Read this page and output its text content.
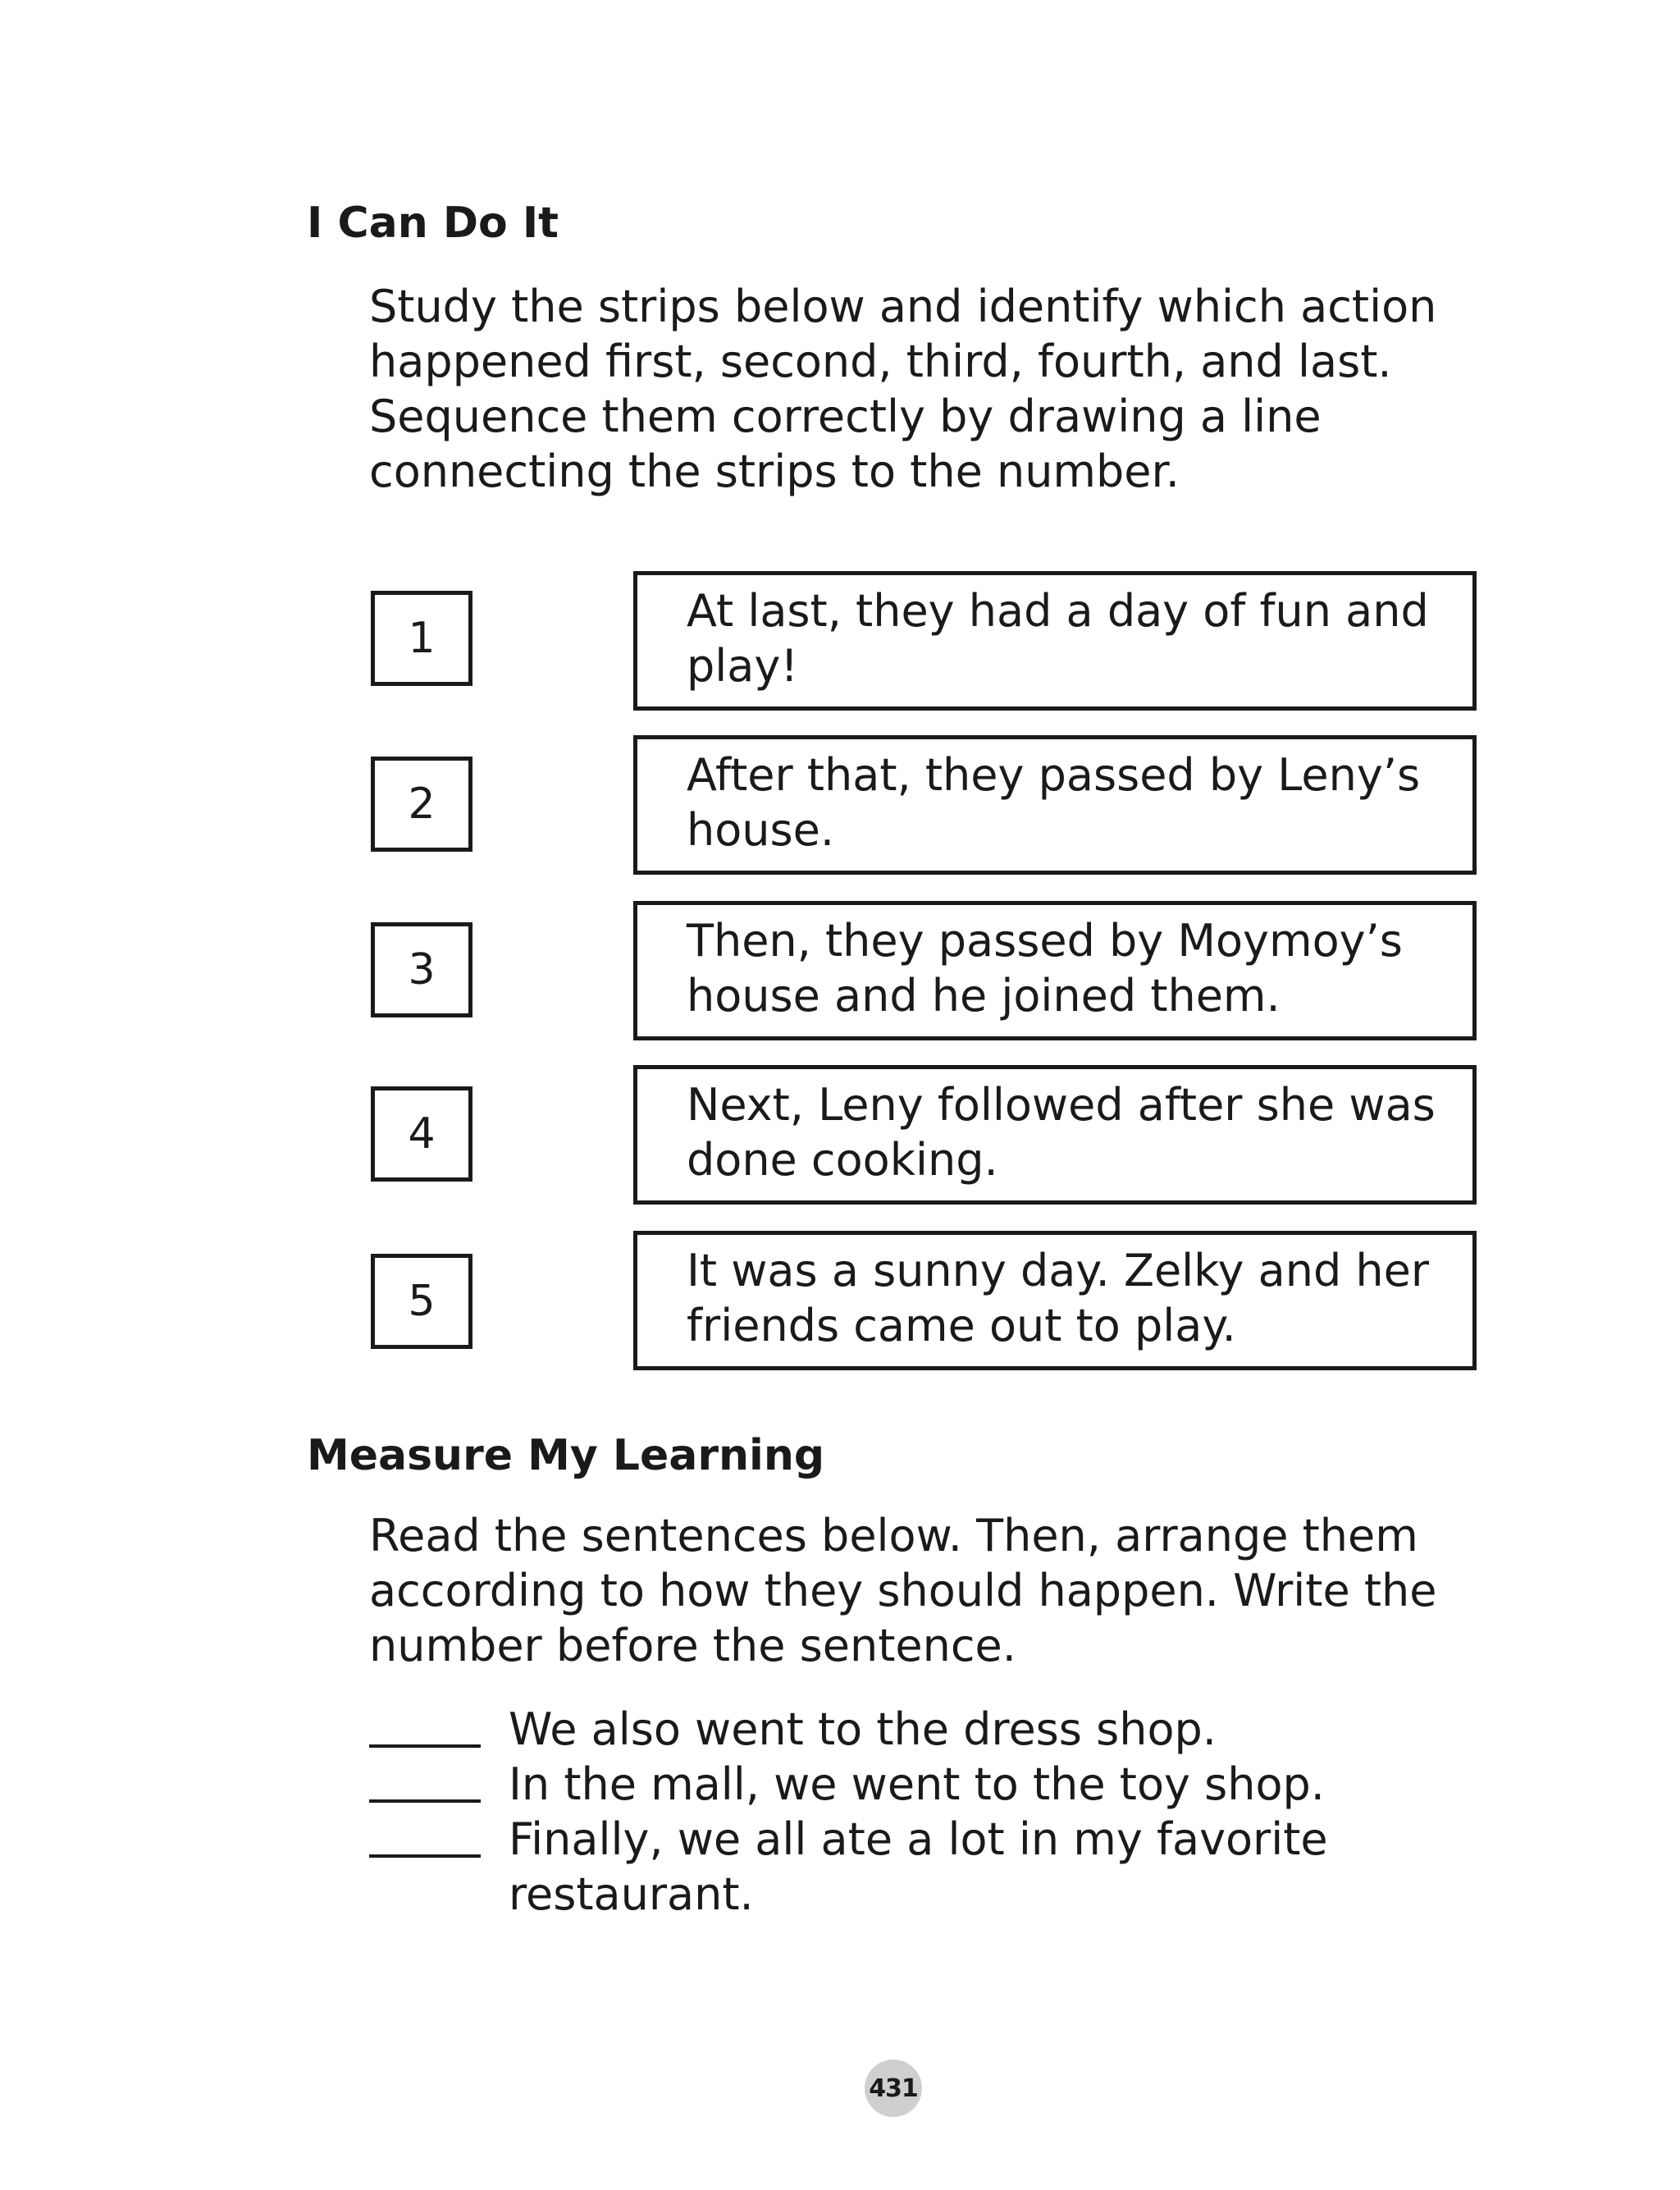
I Can Do It
Study the strips below and identify which action
happened first, second, third, fourth, and last.
Sequence them correctly by drawing a line
connecting the strips to the number.
1
2
3
4
5
At last, they had a day of fun and
play!
After that, they passed by Leny’s
house.
Then, they passed by Moymoy’s
house and he joined them.
Next, Leny followed after she was
done cooking.
It was a sunny day. Zelky and her
friends came out to play.
Measure My Learning
Read the sentences below. Then, arrange them
according to how they should happen. Write the
number before the sentence.
We also went to the dress shop.
In the mall, we went to the toy shop.
Finally, we all ate a lot in my favorite
restaurant.
431
